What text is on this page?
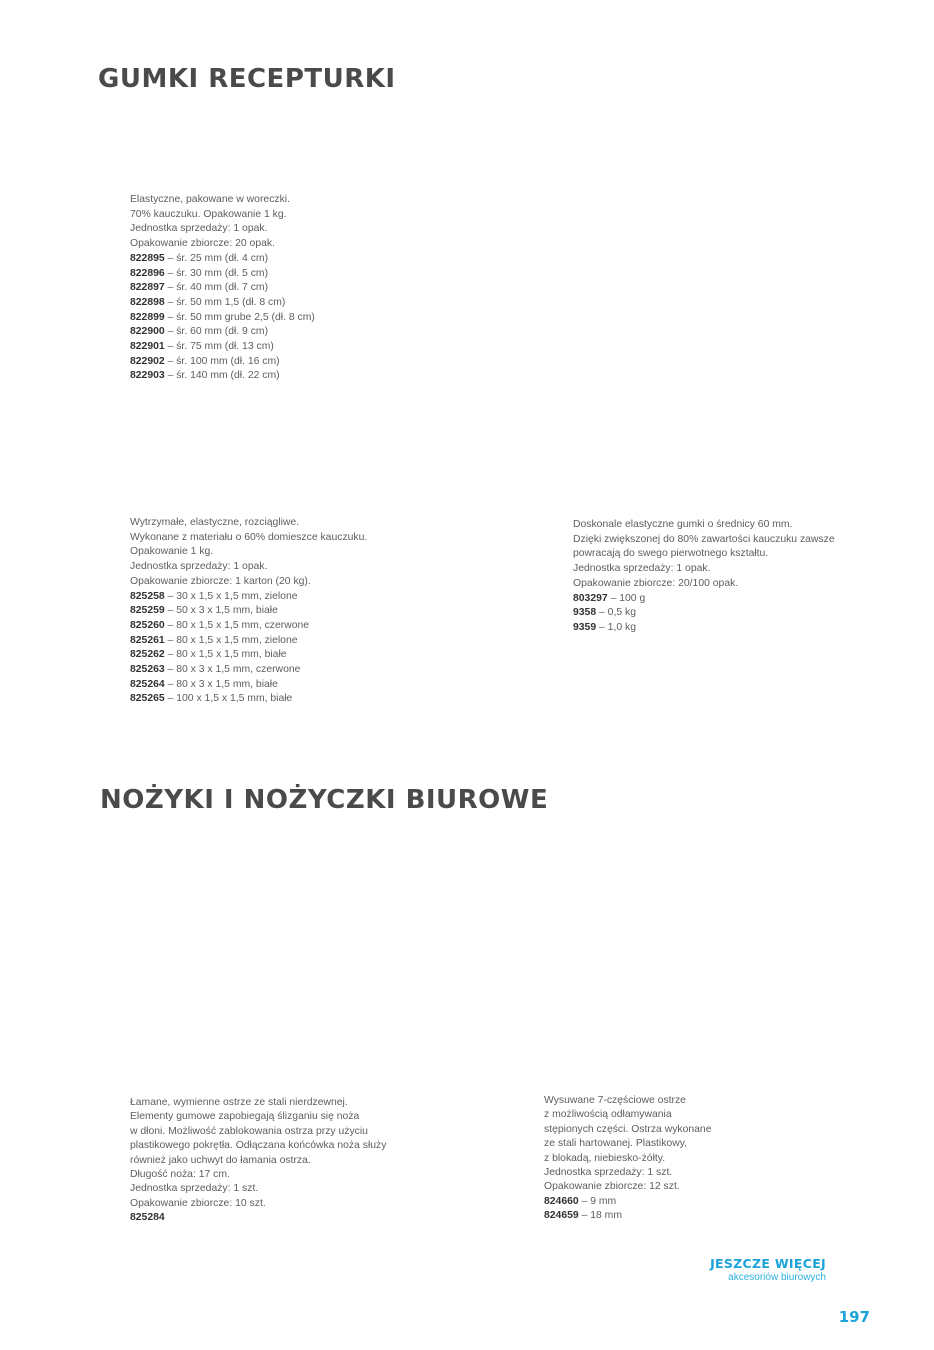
GUMKI RECEPTURKI
Elastyczne, pakowane w woreczki.
70% kauczuku. Opakowanie 1 kg.
Jednostka sprzedaży: 1 opak.
Opakowanie zbiorcze: 20 opak.
822895 – śr. 25 mm (dł. 4 cm)
822896 – śr. 30 mm (dł. 5 cm)
822897 – śr. 40 mm (dł. 7 cm)
822898 – śr. 50 mm 1,5 (dł. 8 cm)
822899 – śr. 50 mm grube 2,5 (dł. 8 cm)
822900 – śr. 60 mm (dł. 9 cm)
822901 – śr. 75 mm (dł. 13 cm)
822902 – śr. 100 mm (dł. 16 cm)
822903 – śr. 140 mm (dł. 22 cm)
Wytrzymałe, elastyczne, rozciągliwe.
Wykonane z materiału o 60% domieszce kauczuku.
Opakowanie 1 kg.
Jednostka sprzedaży: 1 opak.
Opakowanie zbiorcze: 1 karton (20 kg).
825258 – 30 x 1,5 x 1,5 mm, zielone
825259 – 50 x 3 x 1,5 mm, białe
825260 – 80 x 1,5 x 1,5 mm, czerwone
825261 – 80 x 1,5 x 1,5 mm, zielone
825262 – 80 x 1,5 x 1,5 mm, białe
825263 – 80 x 3 x 1,5 mm, czerwone
825264 – 80 x 3 x 1,5 mm, białe
825265 – 100 x 1,5 x 1,5 mm, białe
Doskonale elastyczne gumki o średnicy 60 mm.
Dzięki zwiększonej do 80% zawartości kauczuku zawsze
powracają do swego pierwotnego kształtu.
Jednostka sprzedaży: 1 opak.
Opakowanie zbiorcze: 20/100 opak.
803297 – 100 g
9358 – 0,5 kg
9359 – 1,0 kg
NOŻYKI I NOŻYCZKI BIUROWE
Łamane, wymienne ostrze ze stali nierdzewnej.
Elementy gumowe zapobiegają ślizganiu się noża
w dłoni. Możliwość zablokowania ostrza przy użyciu
plastikowego pokrętła. Odłączana końcówka noża służy
również jako uchwyt do łamania ostrza.
Długość noża: 17 cm.
Jednostka sprzedaży: 1 szt.
Opakowanie zbiorcze: 10 szt.
825284
Wysuwane 7-częściowe ostrze
z możliwością odłamywania
stępionych części. Ostrza wykonane
ze stali hartowanej. Plastikowy,
z blokadą, niebiesko-żółty.
Jednostka sprzedaży: 1 szt.
Opakowanie zbiorcze: 12 szt.
824660 – 9 mm
824659 – 18 mm
JESZCZE WIĘCEJ
akcesoriów biurowych
197
